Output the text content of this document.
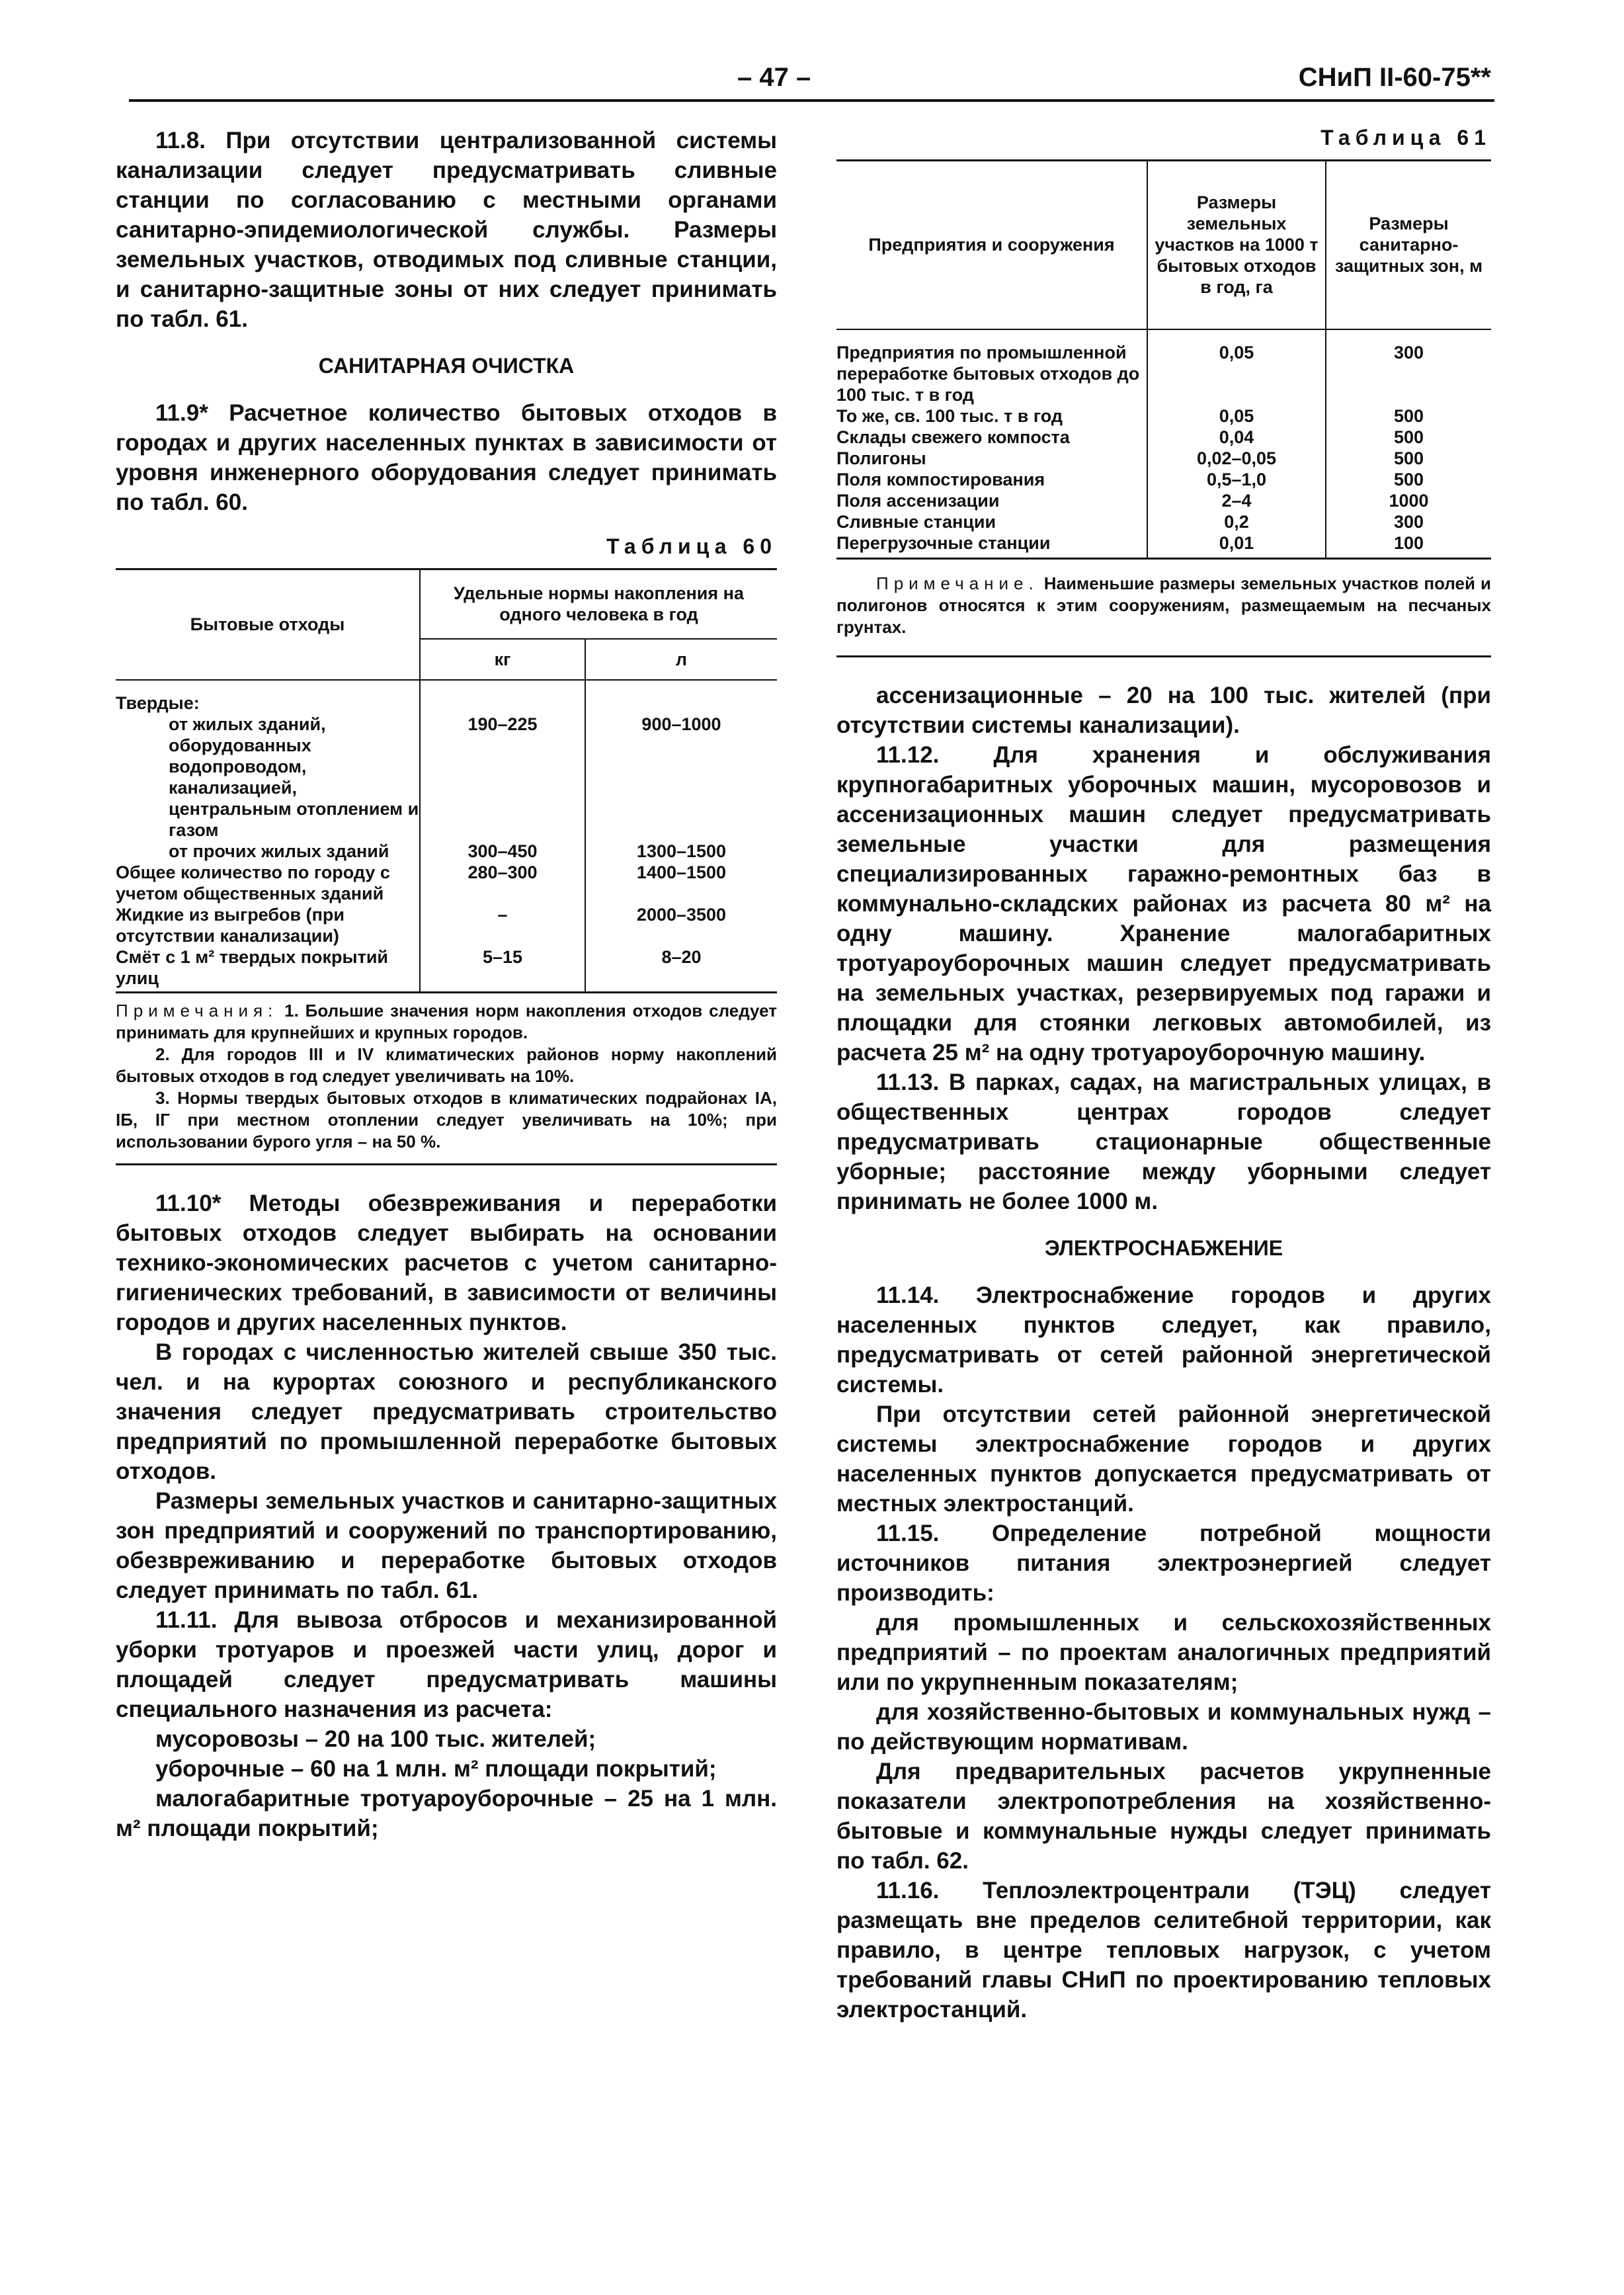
– 47 –	СНиП II-60-75**

11.8. При отсутствии централизованной системы канализации следует предусматривать сливные станции по согласованию с местными органами санитарно-эпидемиологической службы. Размеры земельных участков, отводимых под сливные станции, и санитарно-защитные зоны от них следует принимать по табл. 61.

САНИТАРНАЯ ОЧИСТКА

11.9* Расчетное количество бытовых отходов в городах и других населенных пунктах в зависимости от уровня инженерного оборудования следует принимать по табл. 60.

Таблица 60
Бытовые отходы	Удельные нормы накопления на одного человека в год	
	кг	л
Твердые:		
от жилых зданий, оборудованных водопроводом, канализацией, центральным отоплением и газом	190–225	900–1000
от прочих жилых зданий	300–450	1300–1500
Общее количество по городу с учетом общественных зданий	280–300	1400–1500
Жидкие из выгребов (при отсутствии канализации)	–	2000–3500
Смёт с 1 м² твердых покрытий улиц	5–15	8–20

Примечания: 1. Большие значения норм накопления отходов следует принимать для крупнейших и крупных городов.

2. Для городов III и IV климатических районов норму накоплений бытовых отходов в год следует увеличивать на 10%.

3. Нормы твердых бытовых отходов в климатических подрайонах IА, IБ, IГ при местном отоплении следует увеличивать на 10%; при использовании бурого угля – на 50 %.

11.10* Методы обезвреживания и переработки бытовых отходов следует выбирать на основании технико-экономических расчетов с учетом санитарно-гигиенических требований, в зависимости от величины городов и других населенных пунктов.

В городах с численностью жителей свыше 350 тыс. чел. и на курортах союзного и республиканского значения следует предусматривать строительство предприятий по промышленной переработке бытовых отходов.

Размеры земельных участков и санитарно-защитных зон предприятий и сооружений по транспортированию, обезвреживанию и переработке бытовых отходов следует принимать по табл. 61.

11.11. Для вывоза отбросов и механизированной уборки тротуаров и проезжей части улиц, дорог и площадей следует предусматривать машины специального назначения из расчета:

мусоровозы – 20 на 100 тыс. жителей;

уборочные – 60 на 1 млн. м² площади покрытий;

малогабаритные тротуароуборочные – 25 на 1 млн. м² площади покрытий;

Таблица 61
Предприятия и сооружения	Размеры земельных участков на 1000 т бытовых отходов в год, га	Размеры санитарно-защитных зон, м
Предприятия по промышленной переработке бытовых отходов до 100 тыс. т в год	0,05	300
То же, св. 100 тыс. т в год	0,05	500
Склады свежего компоста	0,04	500
Полигоны	0,02–0,05	500
Поля компостирования	0,5–1,0	500
Поля ассенизации	2–4	1000
Сливные станции	0,2	300
Перегрузочные станции	0,01	100

Примечание. Наименьшие размеры земельных участков полей и полигонов относятся к этим сооружениям, размещаемым на песчаных грунтах.

ассенизационные – 20 на 100 тыс. жителей (при отсутствии системы канализации).

11.12. Для хранения и обслуживания крупногабаритных уборочных машин, мусоровозов и ассенизационных машин следует предусматривать земельные участки для размещения специализированных гаражно-ремонтных баз в коммунально-складских районах из расчета 80 м² на одну машину. Хранение малогабаритных тротуароуборочных машин следует предусматривать на земельных участках, резервируемых под гаражи и площадки для стоянки легковых автомобилей, из расчета 25 м² на одну тротуароуборочную машину.

11.13. В парках, садах, на магистральных улицах, в общественных центрах городов следует предусматривать стационарные общественные уборные; расстояние между уборными следует принимать не более 1000 м.

ЭЛЕКТРОСНАБЖЕНИЕ

11.14. Электроснабжение городов и других населенных пунктов следует, как правило, предусматривать от сетей районной энергетической системы.

При отсутствии сетей районной энергетической системы электроснабжение городов и других населенных пунктов допускается предусматривать от местных электростанций.

11.15. Определение потребной мощности источников питания электроэнергией следует производить:

для промышленных и сельскохозяйственных предприятий – по проектам аналогичных предприятий или по укрупненным показателям;

для хозяйственно-бытовых и коммунальных нужд – по действующим нормативам.

Для предварительных расчетов укрупненные показатели электропотребления на хозяйственно-бытовые и коммунальные нужды следует принимать по табл. 62.

11.16. Теплоэлектроцентрали (ТЭЦ) следует размещать вне пределов селитебной территории, как правило, в центре тепловых нагрузок, с учетом требований главы СНиП по проектированию тепловых электростанций.
